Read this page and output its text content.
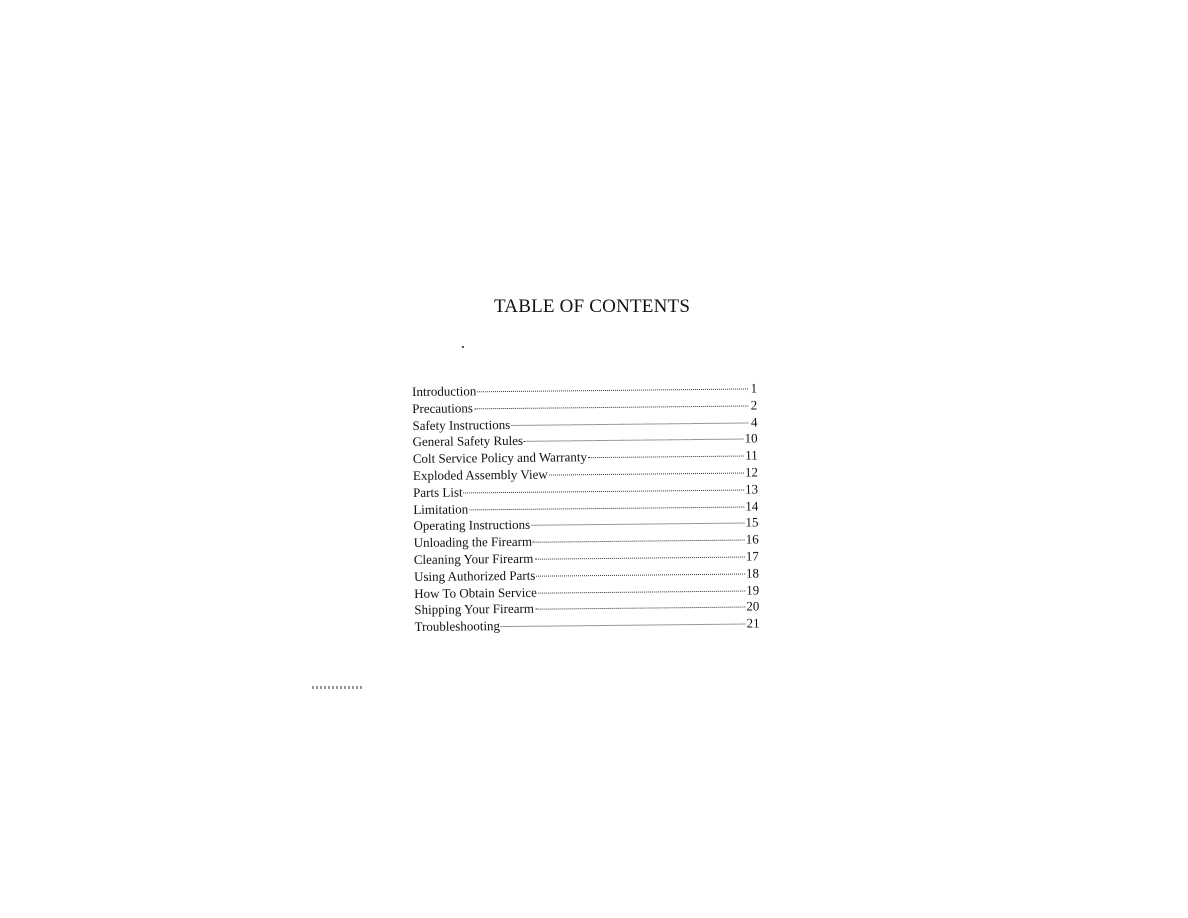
TABLE OF CONTENTS
Introduction	1
Precautions	2
Safety Instructions	4
General Safety Rules	10
Colt Service Policy and Warranty	11
Exploded Assembly View	12
Parts List	13
Limitation	14
Operating Instructions	15
Unloading the Firearm	16
Cleaning Your Firearm	17
Using Authorized Parts	18
How To Obtain Service	19
Shipping Your Firearm	20
Troubleshooting	21
